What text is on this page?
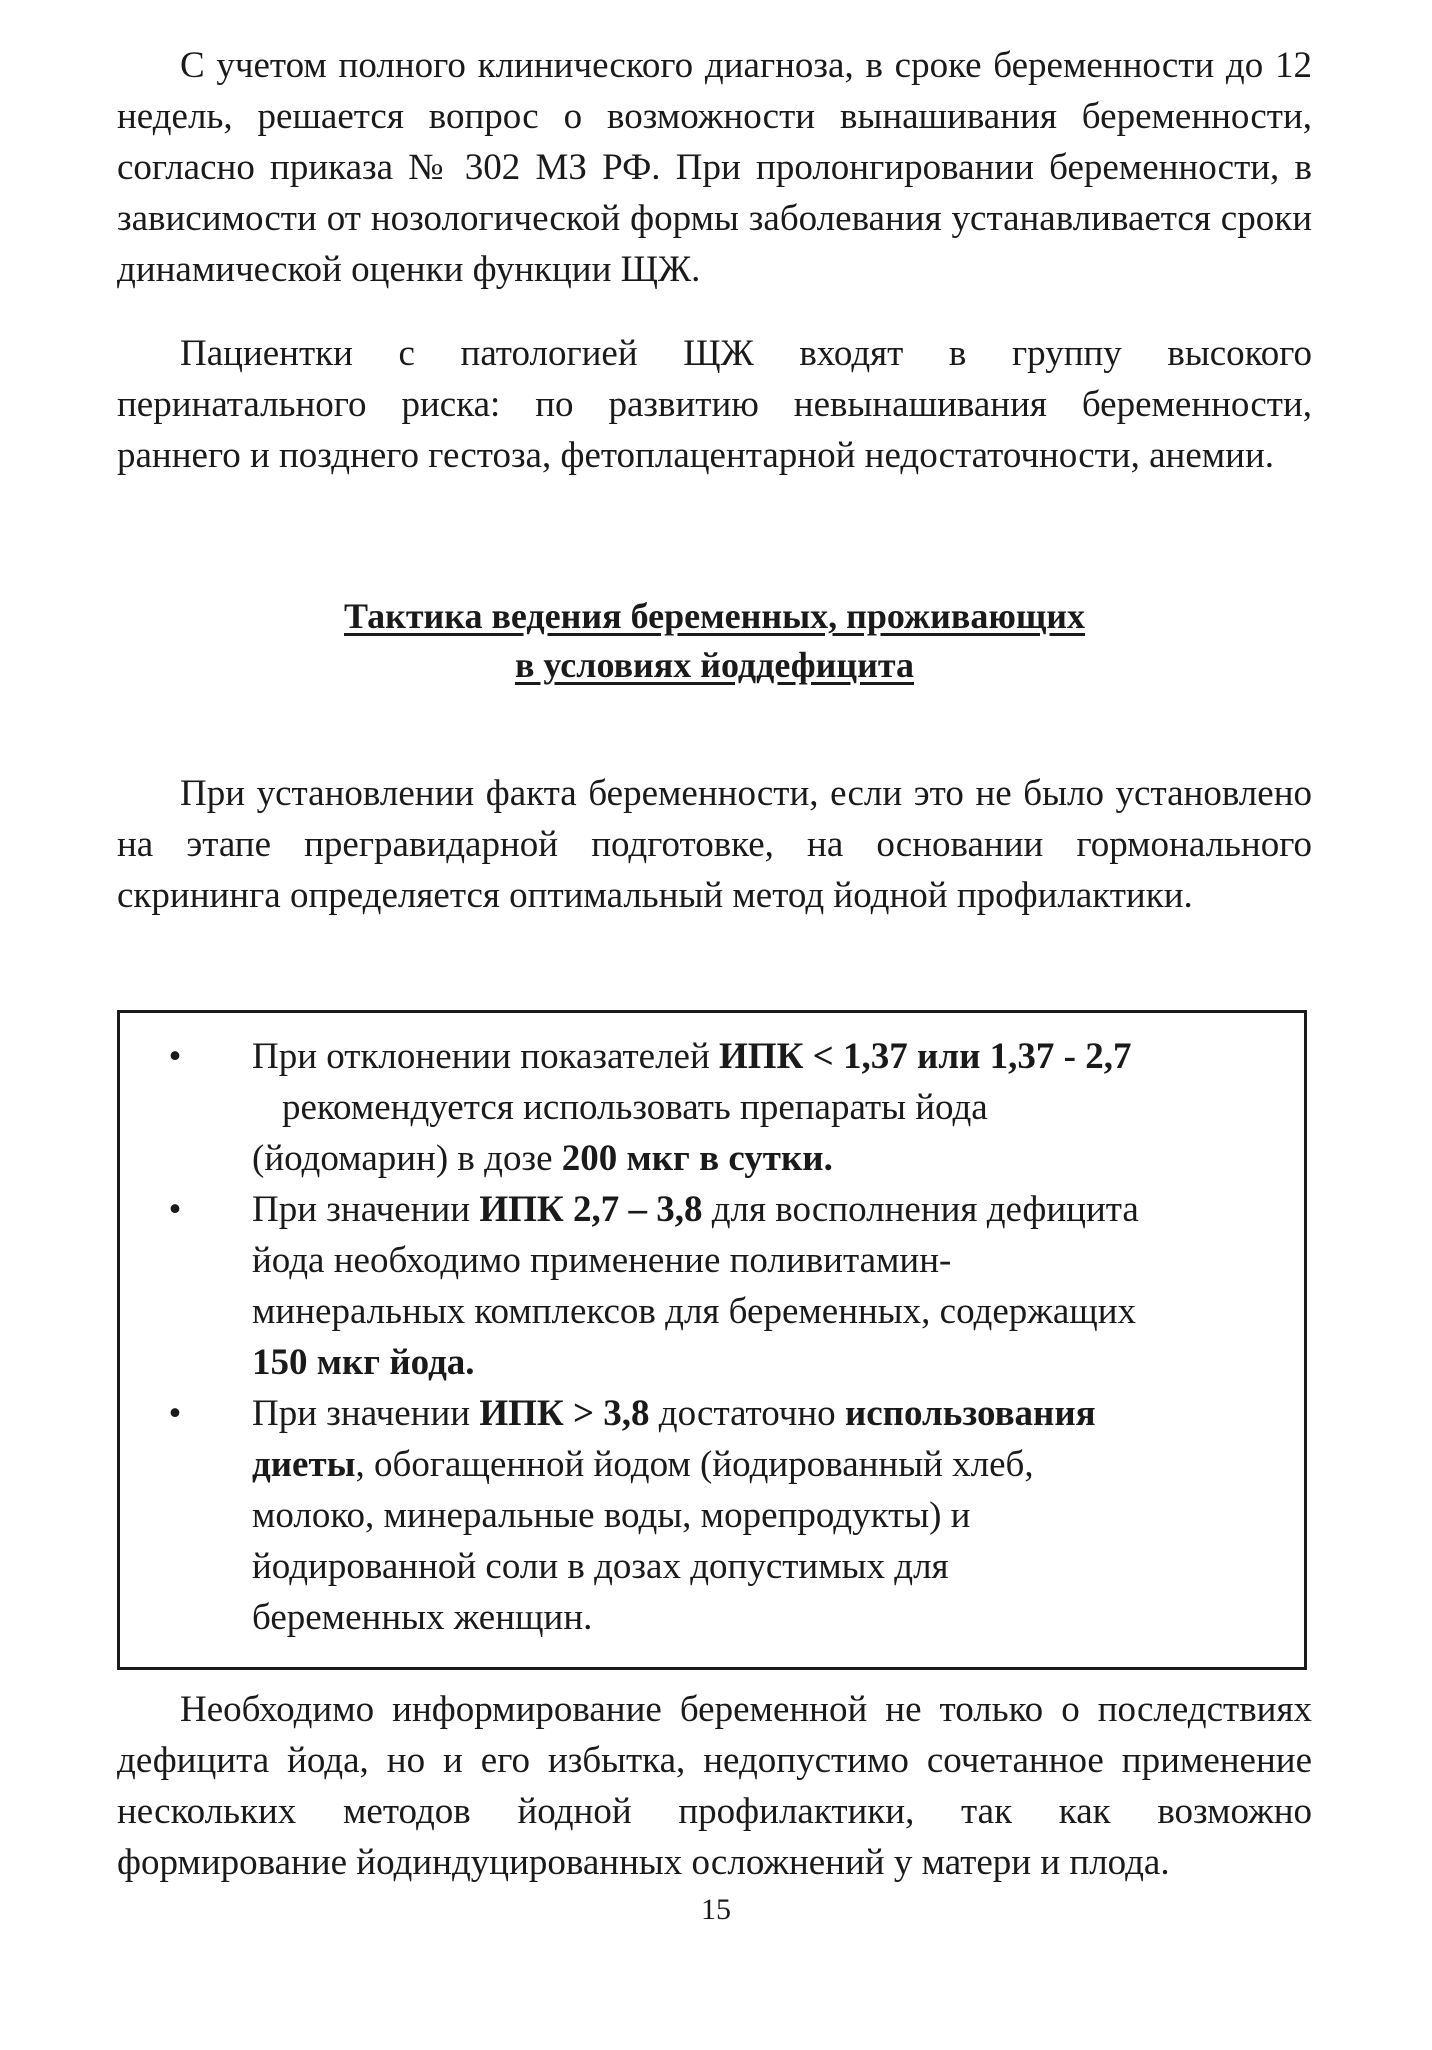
С учетом полного клинического диагноза, в сроке беременности до 12 недель, решается вопрос о возможности вынашивания беременности, согласно приказа № 302 МЗ РФ. При пролонгировании беременности, в зависимости от нозологической формы заболевания устанавливается сроки динамической оценки функции ЩЖ.

Пациентки с патологией ЩЖ входят в группу высокого перинатального риска: по развитию невынашивания беременности, раннего и позднего гестоза, фетоплацентарной недостаточности, анемии.

Тактика ведения беременных, проживающих
в условиях йоддефицита

При установлении факта беременности, если это не было установлено на этапе прегравидарной подготовке, на основании гормонального скрининга определяется оптимальный метод йодной профилактики.

• При отклонении показателей ИПК < 1,37 или 1,37 - 2,7
рекомендуется использовать препараты йода
(йодомарин) в дозе 200 мкг в сутки.
• При значении ИПК 2,7 – 3,8 для восполнения дефицита
йода необходимо применение поливитамин-
минеральных комплексов для беременных, содержащих
150 мкг йода.
• При значении ИПК > 3,8 достаточно использования
диеты, обогащенной йодом (йодированный хлеб,
молоко, минеральные воды, морепродукты) и
йодированной соли в дозах допустимых для
беременных женщин.

Необходимо информирование беременной не только о последствиях дефицита йода, но и его избытка, недопустимо сочетанное применение нескольких методов йодной профилактики, так как возможно формирование йодиндуцированных осложнений у матери и плода.

15
